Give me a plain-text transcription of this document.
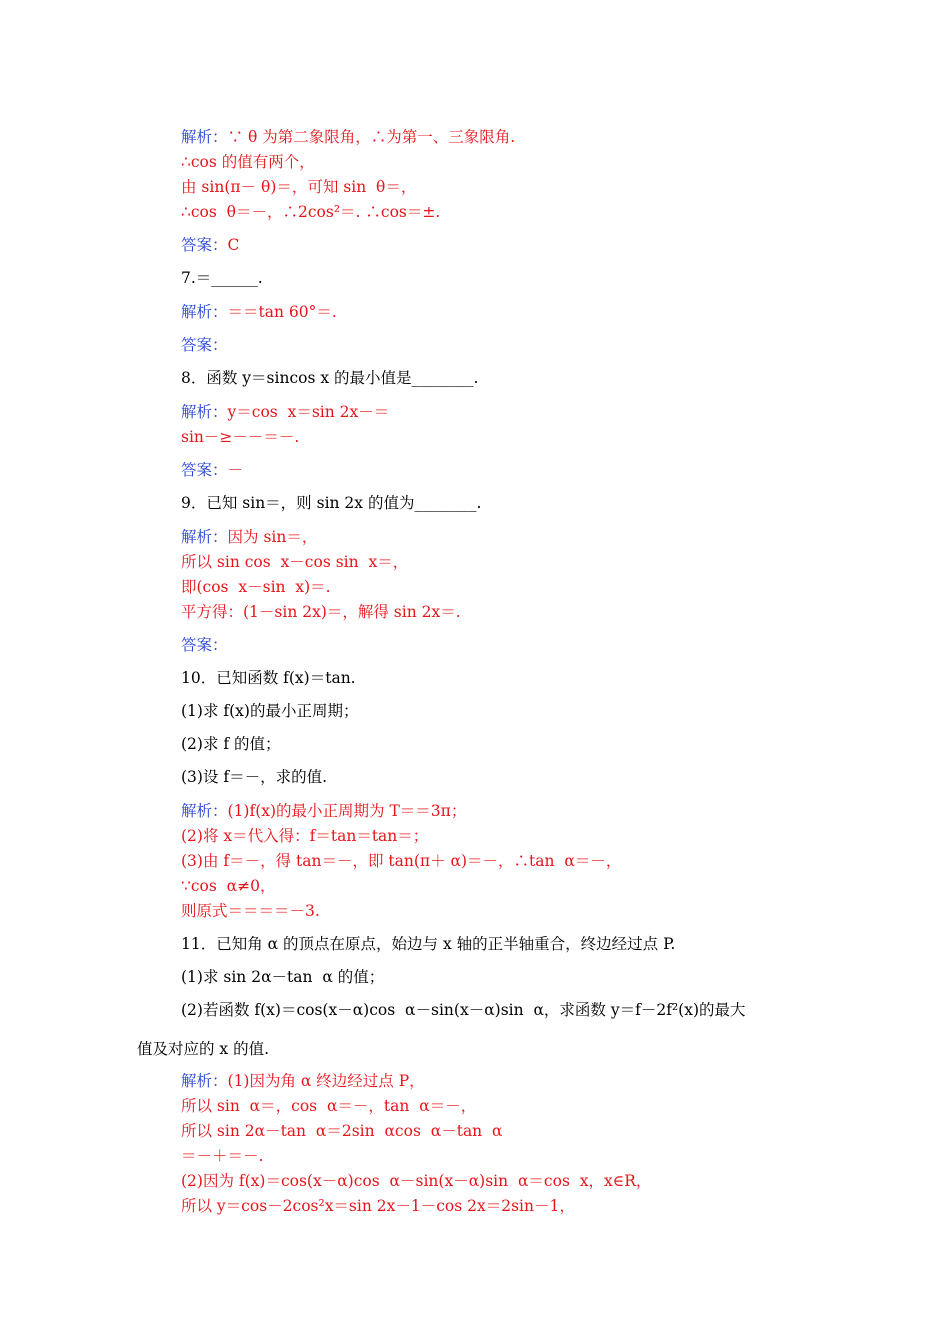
解析：∵ θ 为第二象限角，∴为第一、三象限角.
∴cos 的值有两个，
由 sin(π－ θ)＝，可知 sin  θ＝，
∴cos  θ＝－，∴2cos²＝. ∴cos＝±.
答案：C
7.＝______.
解析：＝＝tan 60°＝.
答案：
8．函数 y＝sincos x 的最小值是________.
解析：y＝cos  x＝sin 2x－＝
sin－≥－－＝－.
答案：－
9．已知 sin＝，则 sin 2x 的值为________.
解析：因为 sin＝，
所以 sin cos  x－cos sin  x＝，
即(cos  x－sin  x)＝.
平方得：(1－sin 2x)＝，解得 sin 2x＝.
答案：
10．已知函数 f(x)＝tan.
(1)求 f(x)的最小正周期；
(2)求 f 的值；
(3)设 f＝－，求的值.
解析：(1)f(x)的最小正周期为 T＝＝3π；
(2)将 x＝代入得：f＝tan＝tan＝；
(3)由 f＝－，得 tan＝－，即 tan(π＋ α)＝－，∴tan  α＝－，
∵cos  α≠0，
则原式＝＝＝＝－3.
11．已知角 α 的顶点在原点，始边与 x 轴的正半轴重合，终边经过点 P.
(1)求 sin 2α－tan  α 的值；
(2)若函数 f(x)＝cos(x－α)cos  α－sin(x－α)sin  α，求函数 y＝f－2f²(x)的最大
值及对应的 x 的值.
解析：(1)因为角 α 终边经过点 P，
所以 sin  α＝，cos  α＝－，tan  α＝－，
所以 sin 2α－tan  α＝2sin  αcos  α－tan  α
＝－＋＝－.
(2)因为 f(x)＝cos(x－α)cos  α－sin(x－α)sin  α＝cos  x，x∈R，
所以 y＝cos－2cos²x＝sin 2x－1－cos 2x＝2sin－1，
